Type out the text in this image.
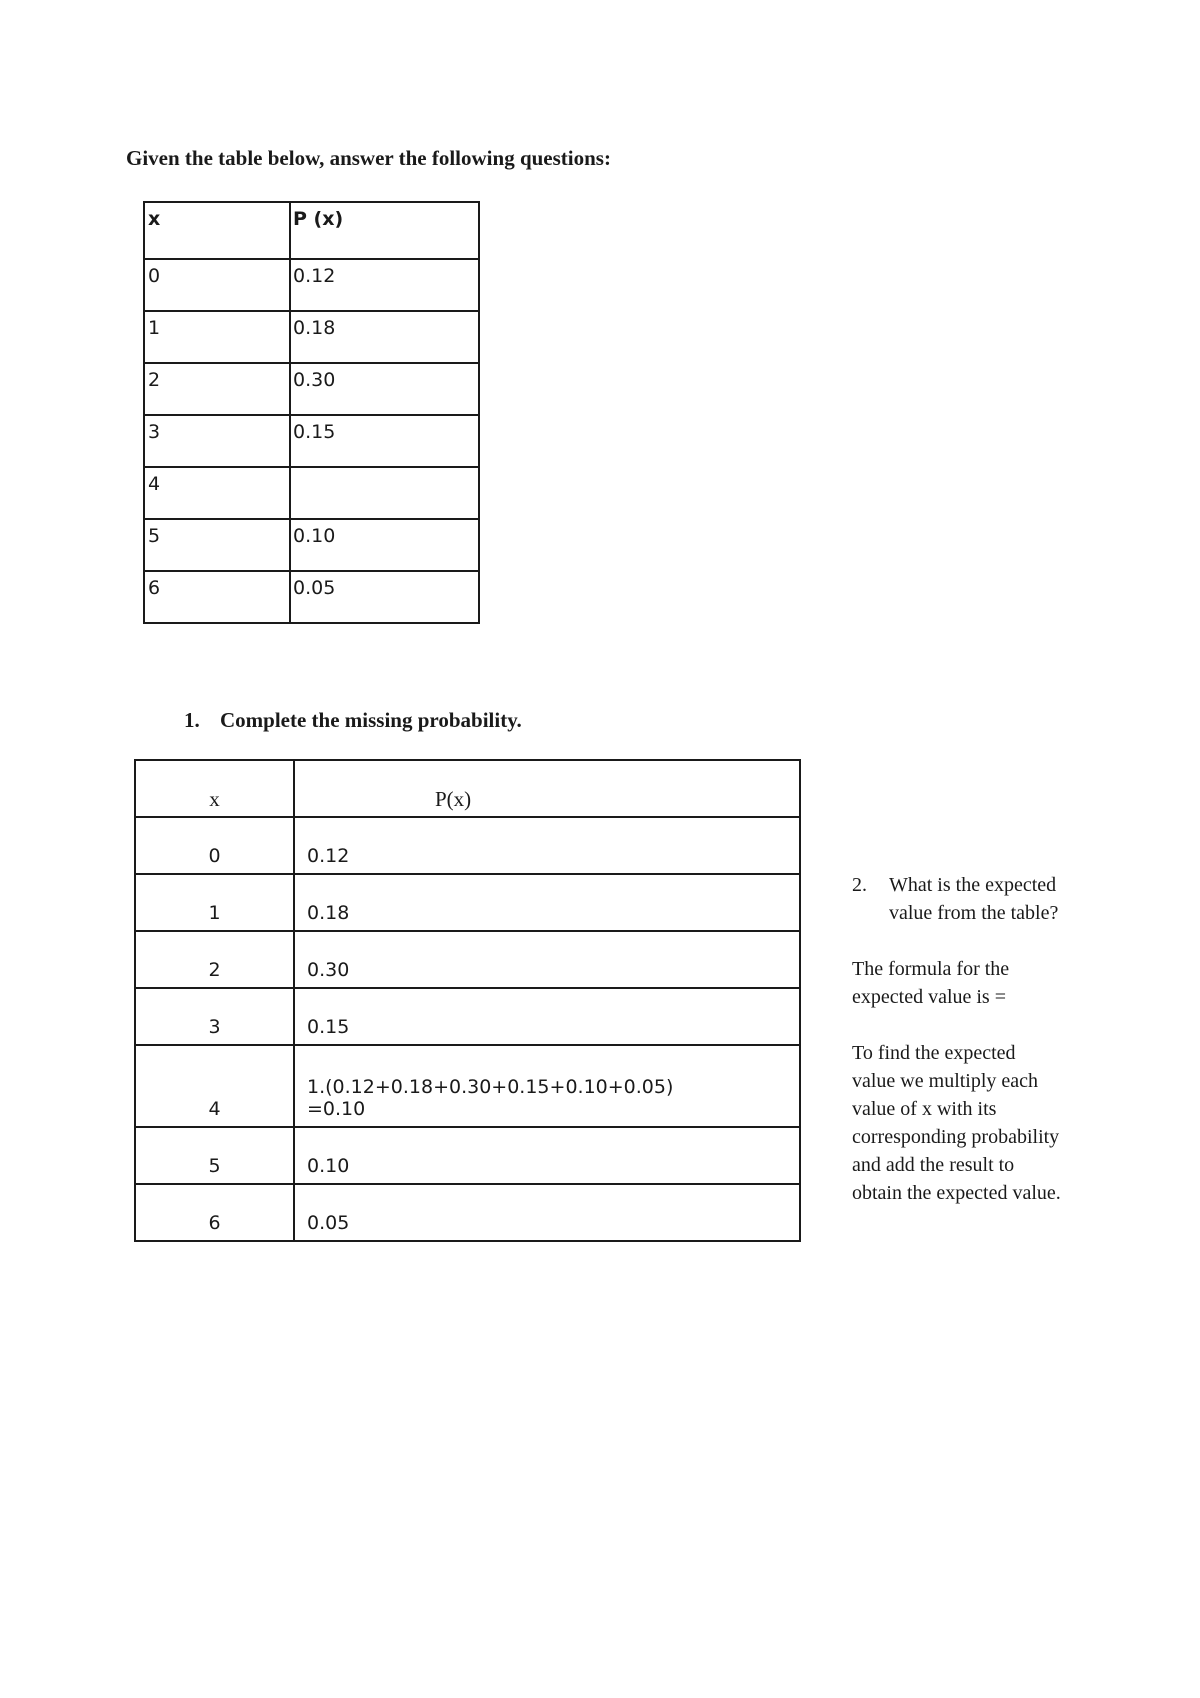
Given the table below, answer the following questions:
x	P (x)
0	0.12
1	0.18
2	0.30
3	0.15
4	
5	0.10
6	0.05
1. Complete the missing probability.
x	P(x)
0	0.12
1	0.18
2	0.30
3	0.15
4	1.(0.12+0.18+0.30+0.15+0.10+0.05)
=0.10

5	0.10
6	0.05
2.	What is the expected value from the table?
The formula for the expected value is =
To find the expected value we multiply each value of x with its corresponding probability and add the result to obtain the expected value.
